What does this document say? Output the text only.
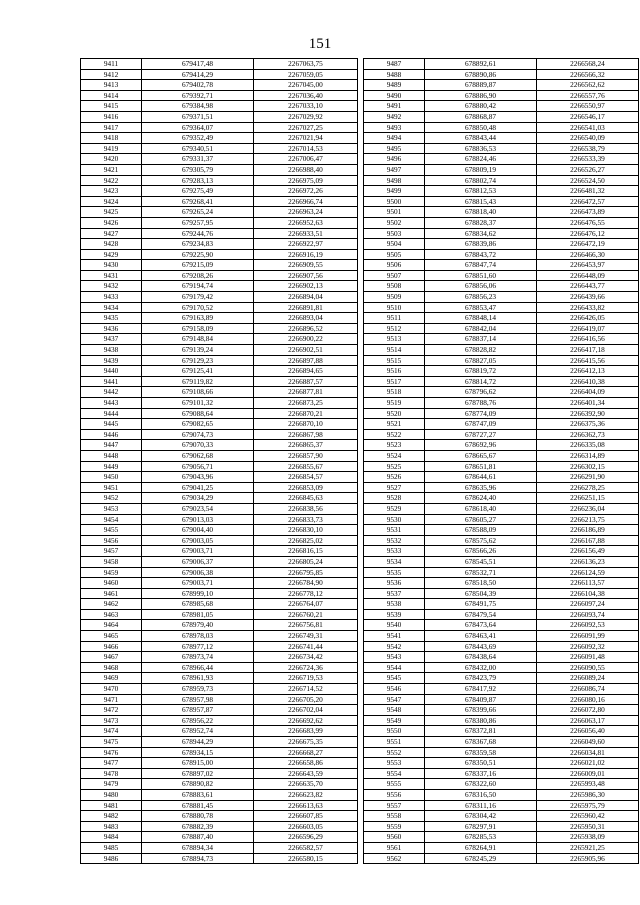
151
9411	679417,48	2267063,75
9412	679414,29	2267059,05
9413	679402,78	2267045,00
9414	679392,71	2267036,40
9415	679384,98	2267033,10
9416	679371,51	2267029,92
9417	679364,07	2267027,25
9418	679352,49	2267021,94
9419	679340,51	2267014,53
9420	679331,37	2267006,47
9421	679305,79	2266988,40
9422	679283,13	2266975,09
9423	679275,49	2266972,26
9424	679268,41	2266966,74
9425	679265,24	2266963,24
9426	679257,95	2266952,63
9427	679244,76	2266933,51
9428	679234,83	2266922,97
9429	679225,90	2266916,19
9430	679215,09	2266909,55
9431	679208,26	2266907,56
9432	679194,74	2266902,13
9433	679179,42	2266894,04
9434	679170,52	2266891,81
9435	679163,89	2266893,04
9436	679158,09	2266896,52
9437	679148,84	2266900,22
9438	679139,24	2266902,51
9439	679129,23	2266897,88
9440	679125,41	2266894,65
9441	679119,82	2266887,57
9442	679108,66	2266877,81
9443	679101,32	2266873,25
9444	679088,64	2266870,21
9445	679082,65	2266870,10
9446	679074,73	2266867,98
9447	679070,33	2266865,37
9448	679062,68	2266857,90
9449	679056,71	2266855,67
9450	679043,96	2266854,57
9451	679041,25	2266853,09
9452	679034,29	2266845,63
9453	679023,54	2266838,56
9454	679013,03	2266833,73
9455	679004,40	2266830,10
9456	679003,05	2266825,02
9457	679003,71	2266816,15
9458	679006,37	2266805,24
9459	679006,38	2266795,85
9460	679003,71	2266784,90
9461	678999,10	2266778,12
9462	678985,68	2266764,07
9463	678981,05	2266760,21
9464	678979,40	2266756,81
9465	678978,03	2266749,31
9466	678977,12	2266741,44
9467	678973,74	2266734,42
9468	678966,44	2266724,36
9469	678961,93	2266719,53
9470	678959,73	2266714,52
9471	678957,98	2266705,20
9472	678957,87	2266702,04
9473	678956,22	2266692,62
9474	678952,74	2266683,99
9475	678944,29	2266675,35
9476	678934,15	2266668,27
9477	678915,00	2266658,86
9478	678897,02	2266643,59
9479	678890,82	2266635,70
9480	678883,61	2266623,82
9481	678881,45	2266613,63
9482	678880,78	2266607,85
9483	678882,39	2266603,05
9484	678887,40	2266596,29
9485	678894,34	2266582,57
9486	678894,73	2266580,15
9487	678892,61	2266568,24
9488	678890,86	2266566,32
9489	678889,87	2266562,62
9490	678886,90	2266557,76
9491	678880,42	2266550,97
9492	678868,87	2266546,17
9493	678850,48	2266541,03
9494	678843,44	2266540,09
9495	678836,53	2266538,79
9496	678824,46	2266533,39
9497	678809,19	2266526,27
9498	678802,74	2266524,50
9499	678812,53	2266481,32
9500	678815,43	2266472,57
9501	678818,40	2266473,89
9502	678828,37	2266476,55
9503	678834,62	2266476,12
9504	678839,86	2266472,19
9505	678843,72	2266466,30
9506	678847,74	2266453,97
9507	678851,60	2266448,09
9508	678856,06	2266443,77
9509	678856,23	2266439,66
9510	678853,47	2266433,82
9511	678848,14	2266426,05
9512	678842,04	2266419,07
9513	678837,14	2266416,56
9514	678828,82	2266417,18
9515	678827,05	2266415,56
9516	678819,72	2266412,13
9517	678814,72	2266410,38
9518	678796,62	2266404,09
9519	678788,76	2266401,34
9520	678774,09	2266392,90
9521	678747,09	2266375,36
9522	678727,27	2266362,73
9523	678692,96	2266335,08
9524	678665,67	2266314,89
9525	678651,81	2266302,15
9526	678644,61	2266291,90
9527	678635,96	2266278,25
9528	678624,40	2266251,15
9529	678618,40	2266236,04
9530	678605,27	2266213,75
9531	678588,09	2266186,89
9532	678575,62	2266167,88
9533	678566,26	2266156,49
9534	678545,51	2266136,23
9535	678532,71	2266124,59
9536	678518,50	2266113,57
9537	678504,39	2266104,38
9538	678491,75	2266097,24
9539	678479,54	2266093,74
9540	678473,64	2266092,53
9541	678463,41	2266091,99
9542	678443,69	2266092,32
9543	678438,64	2266091,48
9544	678432,00	2266090,55
9545	678423,79	2266089,24
9546	678417,92	2266086,74
9547	678409,87	2266080,16
9548	678399,66	2266072,80
9549	678380,86	2266063,17
9550	678372,81	2266056,40
9551	678367,68	2266049,60
9552	678359,58	2266034,81
9553	678350,51	2266021,02
9554	678337,16	2266009,01
9555	678322,60	2265993,48
9556	678316,50	2265986,30
9557	678311,16	2265975,79
9558	678304,42	2265960,42
9559	678297,91	2265950,31
9560	678285,53	2265938,09
9561	678264,91	2265921,25
9562	678245,29	2265905,96
